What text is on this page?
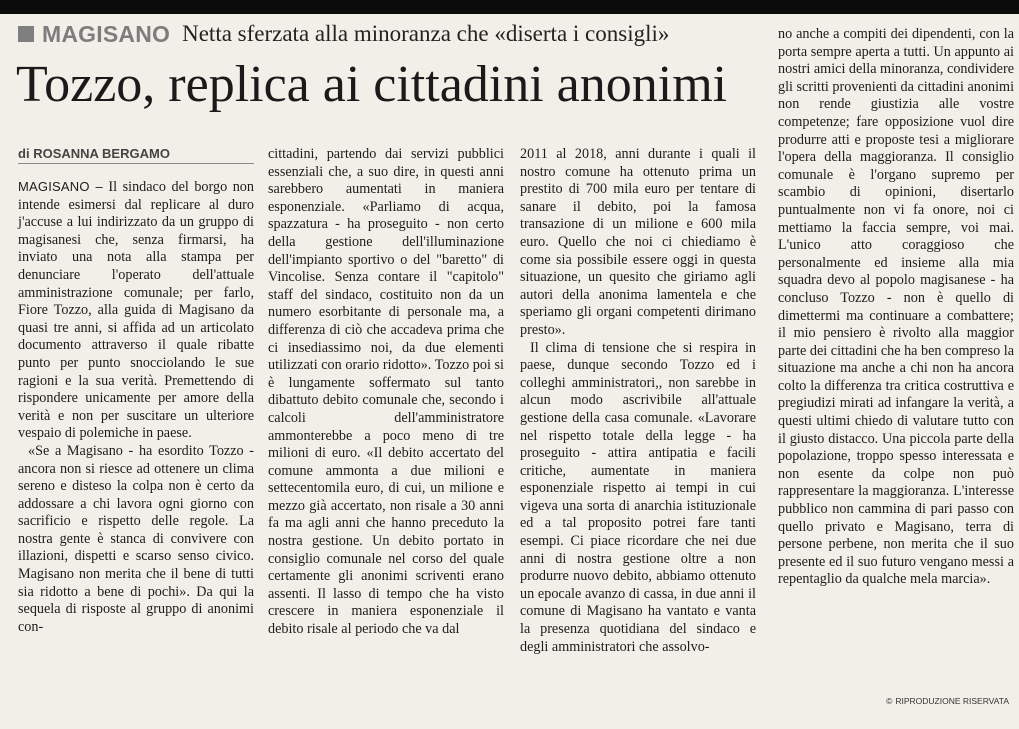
MAGISANO Netta sferzata alla minoranza che «diserta i consigli»
Tozzo, replica ai cittadini anonimi
di ROSANNA BERGAMO

MAGISANO – Il sindaco del borgo non intende esimersi dal replicare al duro j'accuse a lui indirizzato da un gruppo di magisanesi che, senza firmarsi, ha inviato una nota alla stampa per denunciare l'operato dell'attuale amministrazione comunale; per farlo, Fiore Tozzo, alla guida di Magisano da quasi tre anni, si affida ad un articolato documento attraverso il quale ribatte punto per punto snocciolando le sue ragioni e la sua verità. Premettendo di rispondere unicamente per amore della verità e non per suscitare un ulteriore vespaio di polemiche in paese.

«Se a Magisano - ha esordito Tozzo - ancora non si riesce ad ottenere un clima sereno e disteso la colpa non è certo da addossare a chi lavora ogni giorno con sacrificio e rispetto delle regole. La nostra gente è stanca di convivere con illazioni, dispetti e scarso senso civico. Magisano non merita che il bene di tutti sia ridotto a bene di pochi». Da qui la sequela di risposte al gruppo di anonimi con-

cittadini, partendo dai servizi pubblici essenziali che, a suo dire, in questi anni sarebbero aumentati in maniera esponenziale. «Parliamo di acqua, spazzatura - ha proseguito - non certo della gestione dell'illuminazione dell'impianto sportivo o del "baretto" di Vincolise. Senza contare il "capitolo" staff del sindaco, costituito non da un numero esorbitante di personale ma, a differenza di ciò che accadeva prima che ci insediassimo noi, da due elementi utilizzati con orario ridotto». Tozzo poi si è lungamente soffermato sul tanto dibattuto debito comunale che, secondo i calcoli dell'amministratore ammonterebbe a poco meno di tre milioni di euro. «Il debito accertato del comune ammonta a due milioni e settecentomila euro, di cui, un milione e mezzo già accertato, non risale a 30 anni fa ma agli anni che hanno preceduto la nostra gestione. Un debito portato in consiglio comunale nel corso del quale certamente gli anonimi scriventi erano assenti. Il lasso di tempo che ha visto crescere in maniera esponenziale il debito risale al periodo che va dal

2011 al 2018, anni durante i quali il nostro comune ha ottenuto prima un prestito di 700 mila euro per tentare di sanare il debito, poi la famosa transazione di un milione e 600 mila euro. Quello che noi ci chiediamo è come sia possibile essere oggi in questa situazione, un quesito che giriamo agli autori della anonima lamentela e che speriamo gli organi competenti dirimano presto».

Il clima di tensione che si respira in paese, dunque secondo Tozzo ed i colleghi amministratori,, non sarebbe in alcun modo ascrivibile all'attuale gestione della casa comunale. «Lavorare nel rispetto totale della legge - ha proseguito - attira antipatia e facili critiche, aumentate in maniera esponenziale rispetto ai tempi in cui vigeva una sorta di anarchia istituzionale ed a tal proposito potrei fare tanti esempi. Ci piace ricordare che nei due anni di nostra gestione oltre a non produrre nuovo debito, abbiamo ottenuto un epocale avanzo di cassa, in due anni il comune di Magisano ha vantato e vanta la presenza quotidiana del sindaco e degli amministratori che assolvo-

no anche a compiti dei dipendenti, con la porta sempre aperta a tutti. Un appunto ai nostri amici della minoranza, condividere gli scritti provenienti da cittadini anonimi non rende giustizia alle vostre competenze; fare opposizione vuol dire produrre atti e proposte tesi a migliorare l'opera della maggioranza. Il consiglio comunale è l'organo supremo per scambio di opinioni, disertarlo puntualmente non vi fa onore, noi ci mettiamo la faccia sempre, voi mai. L'unico atto coraggioso che personalmente ed insieme alla mia squadra devo al popolo magisanese - ha concluso Tozzo - non è quello di dimettermi ma continuare a combattere; il mio pensiero è rivolto alla maggior parte dei cittadini che ha ben compreso la situazione ma anche a chi non ha ancora colto la differenza tra critica costruttiva e pregiudizi mirati ad infangare la verità, a questi ultimi chiedo di valutare tutto con il giusto distacco. Una piccola parte della popolazione, troppo spesso interessata e non esente da colpe non può rappresentare la maggioranza. L'interesse pubblico non cammina di pari passo con quello privato e Magisano, terra di persone perbene, non merita che il suo presente ed il suo futuro vengano messi a repentaglio da qualche mela marcia».

© RIPRODUZIONE RISERVATA
